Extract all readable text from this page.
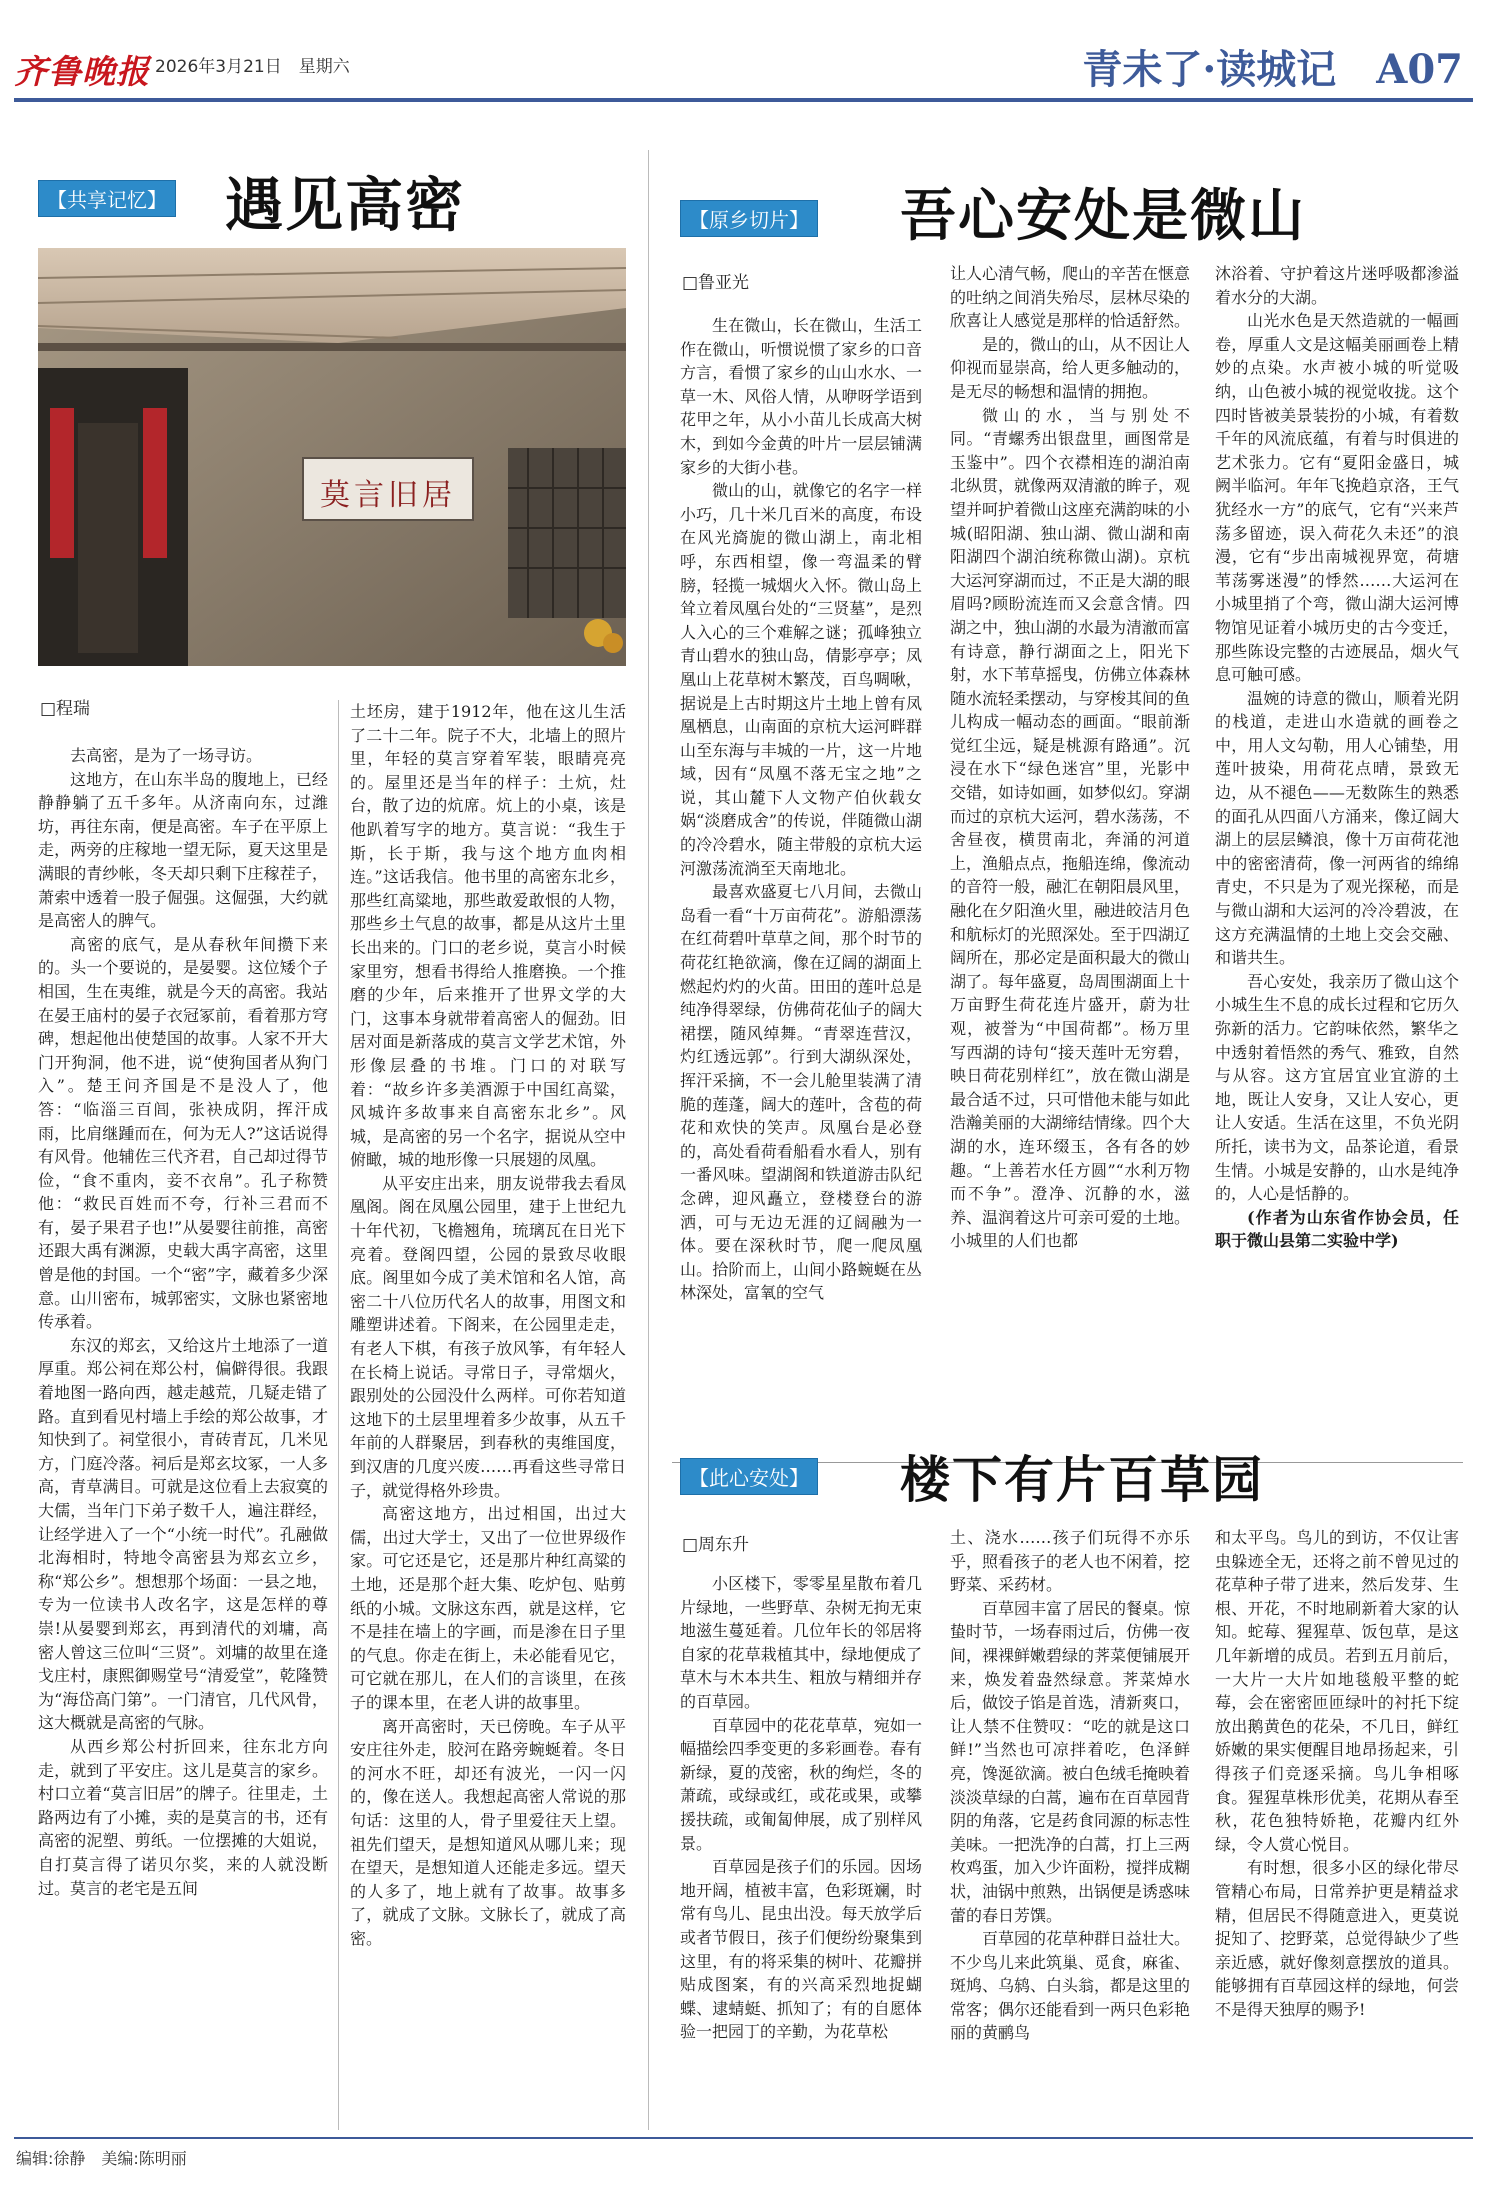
齐鲁晚报 2026年3月21日　星期六	青未了·读城记　A07
【共享记忆】 遇见高密
莫言旧居
□程瑞

去高密，是为了一场寻访。

这地方，在山东半岛的腹地上，已经静静躺了五千多年。从济南向东，过潍坊，再往东南，便是高密。车子在平原上走，两旁的庄稼地一望无际，夏天这里是满眼的青纱帐，冬天却只剩下庄稼茬子，萧索中透着一股子倔强。这倔强，大约就是高密人的脾气。

高密的底气，是从春秋年间攒下来的。头一个要说的，是晏婴。这位矮个子相国，生在夷维，就是今天的高密。我站在晏王庙村的晏子衣冠冢前，看着那方穹碑，想起他出使楚国的故事。人家不开大门开狗洞，他不进，说“使狗国者从狗门入”。楚王问齐国是不是没人了，他答：“临淄三百闾，张袂成阴，挥汗成雨，比肩继踵而在，何为无人?”这话说得有风骨。他辅佐三代齐君，自己却过得节俭，“食不重肉，妾不衣帛”。孔子称赞他：“救民百姓而不夸，行补三君而不有，晏子果君子也!”从晏婴往前推，高密还跟大禹有渊源，史载大禹字高密，这里曾是他的封国。一个“密”字，藏着多少深意。山川密布，城郭密实，文脉也紧密地传承着。

东汉的郑玄，又给这片土地添了一道厚重。郑公祠在郑公村，偏僻得很。我跟着地图一路向西，越走越荒，几疑走错了路。直到看见村墙上手绘的郑公故事，才知快到了。祠堂很小，青砖青瓦，几米见方，门庭冷落。祠后是郑玄坟冢，一人多高，青草满目。可就是这位看上去寂寞的大儒，当年门下弟子数千人，遍注群经，让经学进入了一个“小统一时代”。孔融做北海相时，特地令高密县为郑玄立乡，称“郑公乡”。想想那个场面：一县之地，专为一位读书人改名字，这是怎样的尊崇!从晏婴到郑玄，再到清代的刘墉，高密人曾这三位叫“三贤”。刘墉的故里在逄戈庄村，康熙御赐堂号“清爱堂”，乾隆赞为“海岱高门第”。一门清官，几代风骨，这大概就是高密的气脉。

从西乡郑公村折回来，往东北方向走，就到了平安庄。这儿是莫言的家乡。村口立着“莫言旧居”的牌子。往里走，土路两边有了小摊，卖的是莫言的书，还有高密的泥塑、剪纸。一位摆摊的大姐说，自打莫言得了诺贝尔奖，来的人就没断过。莫言的老宅是五间

土坯房，建于1912年，他在这儿生活了二十二年。院子不大，北墙上的照片里，年轻的莫言穿着军装，眼睛亮亮的。屋里还是当年的样子：土炕，灶台，散了边的炕席。炕上的小桌，该是他趴着写字的地方。莫言说：“我生于斯，长于斯，我与这个地方血肉相连。”这话我信。他书里的高密东北乡，那些红高粱地，那些敢爱敢恨的人物，那些乡土气息的故事，都是从这片土里长出来的。门口的老乡说，莫言小时候家里穷，想看书得给人推磨换。一个推磨的少年，后来推开了世界文学的大门，这事本身就带着高密人的倔劲。旧居对面是新落成的莫言文学艺术馆，外形像层叠的书堆。门口的对联写着：“故乡许多美酒源于中国红高粱，风城许多故事来自高密东北乡”。风城，是高密的另一个名字，据说从空中俯瞰，城的地形像一只展翅的凤凰。

从平安庄出来，朋友说带我去看凤凰阁。阁在凤凰公园里，建于上世纪九十年代初，飞檐翘角，琉璃瓦在日光下亮着。登阁四望，公园的景致尽收眼底。阁里如今成了美术馆和名人馆，高密二十八位历代名人的故事，用图文和雕塑讲述着。下阁来，在公园里走走，有老人下棋，有孩子放风筝，有年轻人在长椅上说话。寻常日子，寻常烟火，跟别处的公园没什么两样。可你若知道这地下的土层里埋着多少故事，从五千年前的人群聚居，到春秋的夷维国度，到汉唐的几度兴废……再看这些寻常日子，就觉得格外珍贵。

高密这地方，出过相国，出过大儒，出过大学士，又出了一位世界级作家。可它还是它，还是那片种红高粱的土地，还是那个赶大集、吃炉包、贴剪纸的小城。文脉这东西，就是这样，它不是挂在墙上的字画，而是渗在日子里的气息。你走在街上，未必能看见它，可它就在那儿，在人们的言谈里，在孩子的课本里，在老人讲的故事里。

离开高密时，天已傍晚。车子从平安庄往外走，胶河在路旁蜿蜒着。冬日的河水不旺，却还有波光，一闪一闪的，像在送人。我想起高密人常说的那句话：这里的人，骨子里爱往天上望。祖先们望天，是想知道风从哪儿来；现在望天，是想知道人还能走多远。望天的人多了，地上就有了故事。故事多了，就成了文脉。文脉长了，就成了高密。

【原乡切片】 吾心安处是微山
□鲁亚光

生在微山，长在微山，生活工作在微山，听惯说惯了家乡的口音方言，看惯了家乡的山山水水、一草一木、风俗人情，从咿呀学语到花甲之年，从小小苗儿长成高大树木，到如今金黄的叶片一层层铺满家乡的大街小巷。

微山的山，就像它的名字一样小巧，几十米几百米的高度，布设在风光旖旎的微山湖上，南北相呼，东西相望，像一弯温柔的臂膀，轻揽一城烟火入怀。微山岛上耸立着凤凰台处的“三贤墓”，是烈人入心的三个难解之谜；孤峰独立青山碧水的独山岛，倩影亭亭；凤凰山上花草树木繁茂，百鸟啁啾，据说是上古时期这片土地上曾有凤凰栖息，山南面的京杭大运河畔群山至东海与丰城的一片，这一片地域，因有“凤凰不落无宝之地”之说，其山麓下人文物产伯伙载女娲“淡磨成舍”的传说，伴随微山湖的冷冷碧水，随主带般的京杭大运河激荡流淌至天南地北。

最喜欢盛夏七八月间，去微山岛看一看“十万亩荷花”。游船漂荡在红荷碧叶草草之间，那个时节的荷花红艳欲滴，像在辽阔的湖面上燃起灼灼的火苗。田田的莲叶总是纯净得翠绿，仿佛荷花仙子的阔大裙摆，随风绰舞。“青翠连营汉，灼红透远郭”。行到大湖纵深处，挥汗采摘，不一会儿舱里装满了清脆的莲蓬，阔大的莲叶，含苞的荷花和欢快的笑声。凤凰台是必登的，高处看荷看船看水看人，别有一番风味。望湖阁和铁道游击队纪念碑，迎风矗立，登楼登台的游洒，可与无边无涯的辽阔融为一体。要在深秋时节，爬一爬凤凰山。拾阶而上，山间小路蜿蜒在丛林深处，富氧的空气

让人心清气畅，爬山的辛苦在惬意的吐纳之间消失殆尽，层林尽染的欣喜让人感觉是那样的恰适舒然。

是的，微山的山，从不因让人仰视而显崇高，给人更多触动的，是无尽的畅想和温情的拥抱。

微山的水，当与别处不同。“青螺秀出银盘里，画图常是玉鉴中”。四个衣襟相连的湖泊南北纵贯，就像两双清澈的眸子，观望并呵护着微山这座充满韵味的小城(昭阳湖、独山湖、微山湖和南阳湖四个湖泊统称微山湖)。京杭大运河穿湖而过，不正是大湖的眼眉吗?顾盼流连而又会意含情。四湖之中，独山湖的水最为清澈而富有诗意，静行湖面之上，阳光下射，水下苇草摇曳，仿佛立体森林随水流轻柔摆动，与穿梭其间的鱼儿构成一幅动态的画面。“眼前渐觉红尘远，疑是桃源有路通”。沉浸在水下“绿色迷宫”里，光影中交错，如诗如画，如梦似幻。穿湖而过的京杭大运河，碧水荡荡，不舍昼夜，横贯南北，奔涌的河道上，渔船点点，拖船连绵，像流动的音符一般，融汇在朝阳晨风里，融化在夕阳渔火里，融进皎洁月色和航标灯的光照深处。至于四湖辽阔所在，那必定是面积最大的微山湖了。每年盛夏，岛周围湖面上十万亩野生荷花连片盛开，蔚为壮观，被誉为“中国荷都”。杨万里写西湖的诗句“接天莲叶无穷碧，映日荷花别样红”，放在微山湖是最合适不过，只可惜他未能与如此浩瀚美丽的大湖缔结情缘。四个大湖的水，连环缀玉，各有各的妙趣。“上善若水任方圆”“水利万物而不争”。澄净、沉静的水，滋养、温润着这片可亲可爱的土地。小城里的人们也都

沐浴着、守护着这片迷呼吸都渗溢着水分的大湖。

山光水色是天然造就的一幅画卷，厚重人文是这幅美丽画卷上精妙的点染。水声被小城的听觉吸纳，山色被小城的视觉收拢。这个四时皆被美景装扮的小城，有着数千年的风流底蕴，有着与时俱进的艺术张力。它有“夏阳金盛日，城阙半临河。年年飞挽趋京洛，王气犹经水一方”的底气，它有“兴来芦荡多留迹，误入荷花久未还”的浪漫，它有“步出南城视界宽，荷塘苇荡雾迷漫”的悸然……大运河在小城里捎了个弯，微山湖大运河博物馆见证着小城历史的古今变迁，那些陈设完整的古迹展品，烟火气息可触可感。

温婉的诗意的微山，顺着光阴的栈道，走进山水造就的画卷之中，用人文勾勒，用人心铺垫，用莲叶披染，用荷花点晴，景致无边，从不褪色——无数陈生的熟悉的面孔从四面八方涌来，像辽阔大湖上的层层鳞浪，像十万亩荷花池中的密密清荷，像一河两省的绵绵青史，不只是为了观光探秘，而是与微山湖和大运河的冷冷碧波，在这方充满温情的土地上交会交融、和谐共生。

吾心安处，我亲历了微山这个小城生生不息的成长过程和它历久弥新的活力。它韵味依然，繁华之中透射着悟然的秀气、雅致，自然与从容。这方宜居宜业宜游的土地，既让人安身，又让人安心，更让人安适。生活在这里，不负光阴所托，读书为文，品茶论道，看景生情。小城是安静的，山水是纯净的，人心是恬静的。

(作者为山东省作协会员，任职于微山县第二实验中学)

【此心安处】 楼下有片百草园
□周东升

小区楼下，零零星星散布着几片绿地，一些野草、杂树无拘无束地滋生蔓延着。几位年长的邻居将自家的花草栽植其中，绿地便成了草木与木本共生、粗放与精细并存的百草园。

百草园中的花花草草，宛如一幅描绘四季变更的多彩画卷。春有新绿，夏的茂密，秋的绚烂，冬的萧疏，或绿或红，或花或果，或攀援扶疏，或匍匐伸展，成了别样风景。

百草园是孩子们的乐园。因场地开阔，植被丰富，色彩斑斓，时常有鸟儿、昆虫出没。每天放学后或者节假日，孩子们便纷纷聚集到这里，有的将采集的树叶、花瓣拼贴成图案，有的兴高采烈地捉蝴蝶、逮蜻蜓、抓知了；有的自愿体验一把园丁的辛勤，为花草松

土、浇水……孩子们玩得不亦乐乎，照看孩子的老人也不闲着，挖野菜、采药材。

百草园丰富了居民的餐桌。惊蛰时节，一场春雨过后，仿佛一夜间，裸裸鲜嫩碧绿的荠菜便铺展开来，焕发着盎然绿意。荠菜焯水后，做饺子馅是首选，清新爽口，让人禁不住赞叹：“吃的就是这口鲜!”当然也可凉拌着吃，色泽鲜亮，馋涎欲滴。被白色绒毛掩映着淡淡草绿的白蒿，遍布在百草园背阴的角落，它是药食同源的标志性美味。一把洗净的白蒿，打上三两枚鸡蛋，加入少许面粉，搅拌成糊状，油锅中煎熟，出锅便是诱惑味蕾的春日芳馔。

百草园的花草种群日益壮大。不少鸟儿来此筑巢、觅食，麻雀、斑鸠、乌鸫、白头翁，都是这里的常客；偶尔还能看到一两只色彩艳丽的黄鹂鸟

和太平鸟。鸟儿的到访，不仅让害虫躲迹全无，还将之前不曾见过的花草种子带了进来，然后发芽、生根、开花，不时地刷新着大家的认知。蛇莓、猩猩草、饭包草，是这几年新增的成员。若到五月前后，一大片一大片如地毯般平整的蛇莓，会在密密匝匝绿叶的衬托下绽放出鹅黄色的花朵，不几日，鲜红娇嫩的果实便醒目地昂扬起来，引得孩子们竞逐采摘。鸟儿争相啄食。猩猩草株形优美，花期从春至秋，花色独特娇艳，花瓣内红外绿，令人赏心悦目。

有时想，很多小区的绿化带尽管精心布局，日常养护更是精益求精，但居民不得随意进入，更莫说捉知了、挖野菜，总觉得缺少了些亲近感，就好像刻意摆放的道具。能够拥有百草园这样的绿地，何尝不是得天独厚的赐予!

编辑:徐静　美编:陈明丽
